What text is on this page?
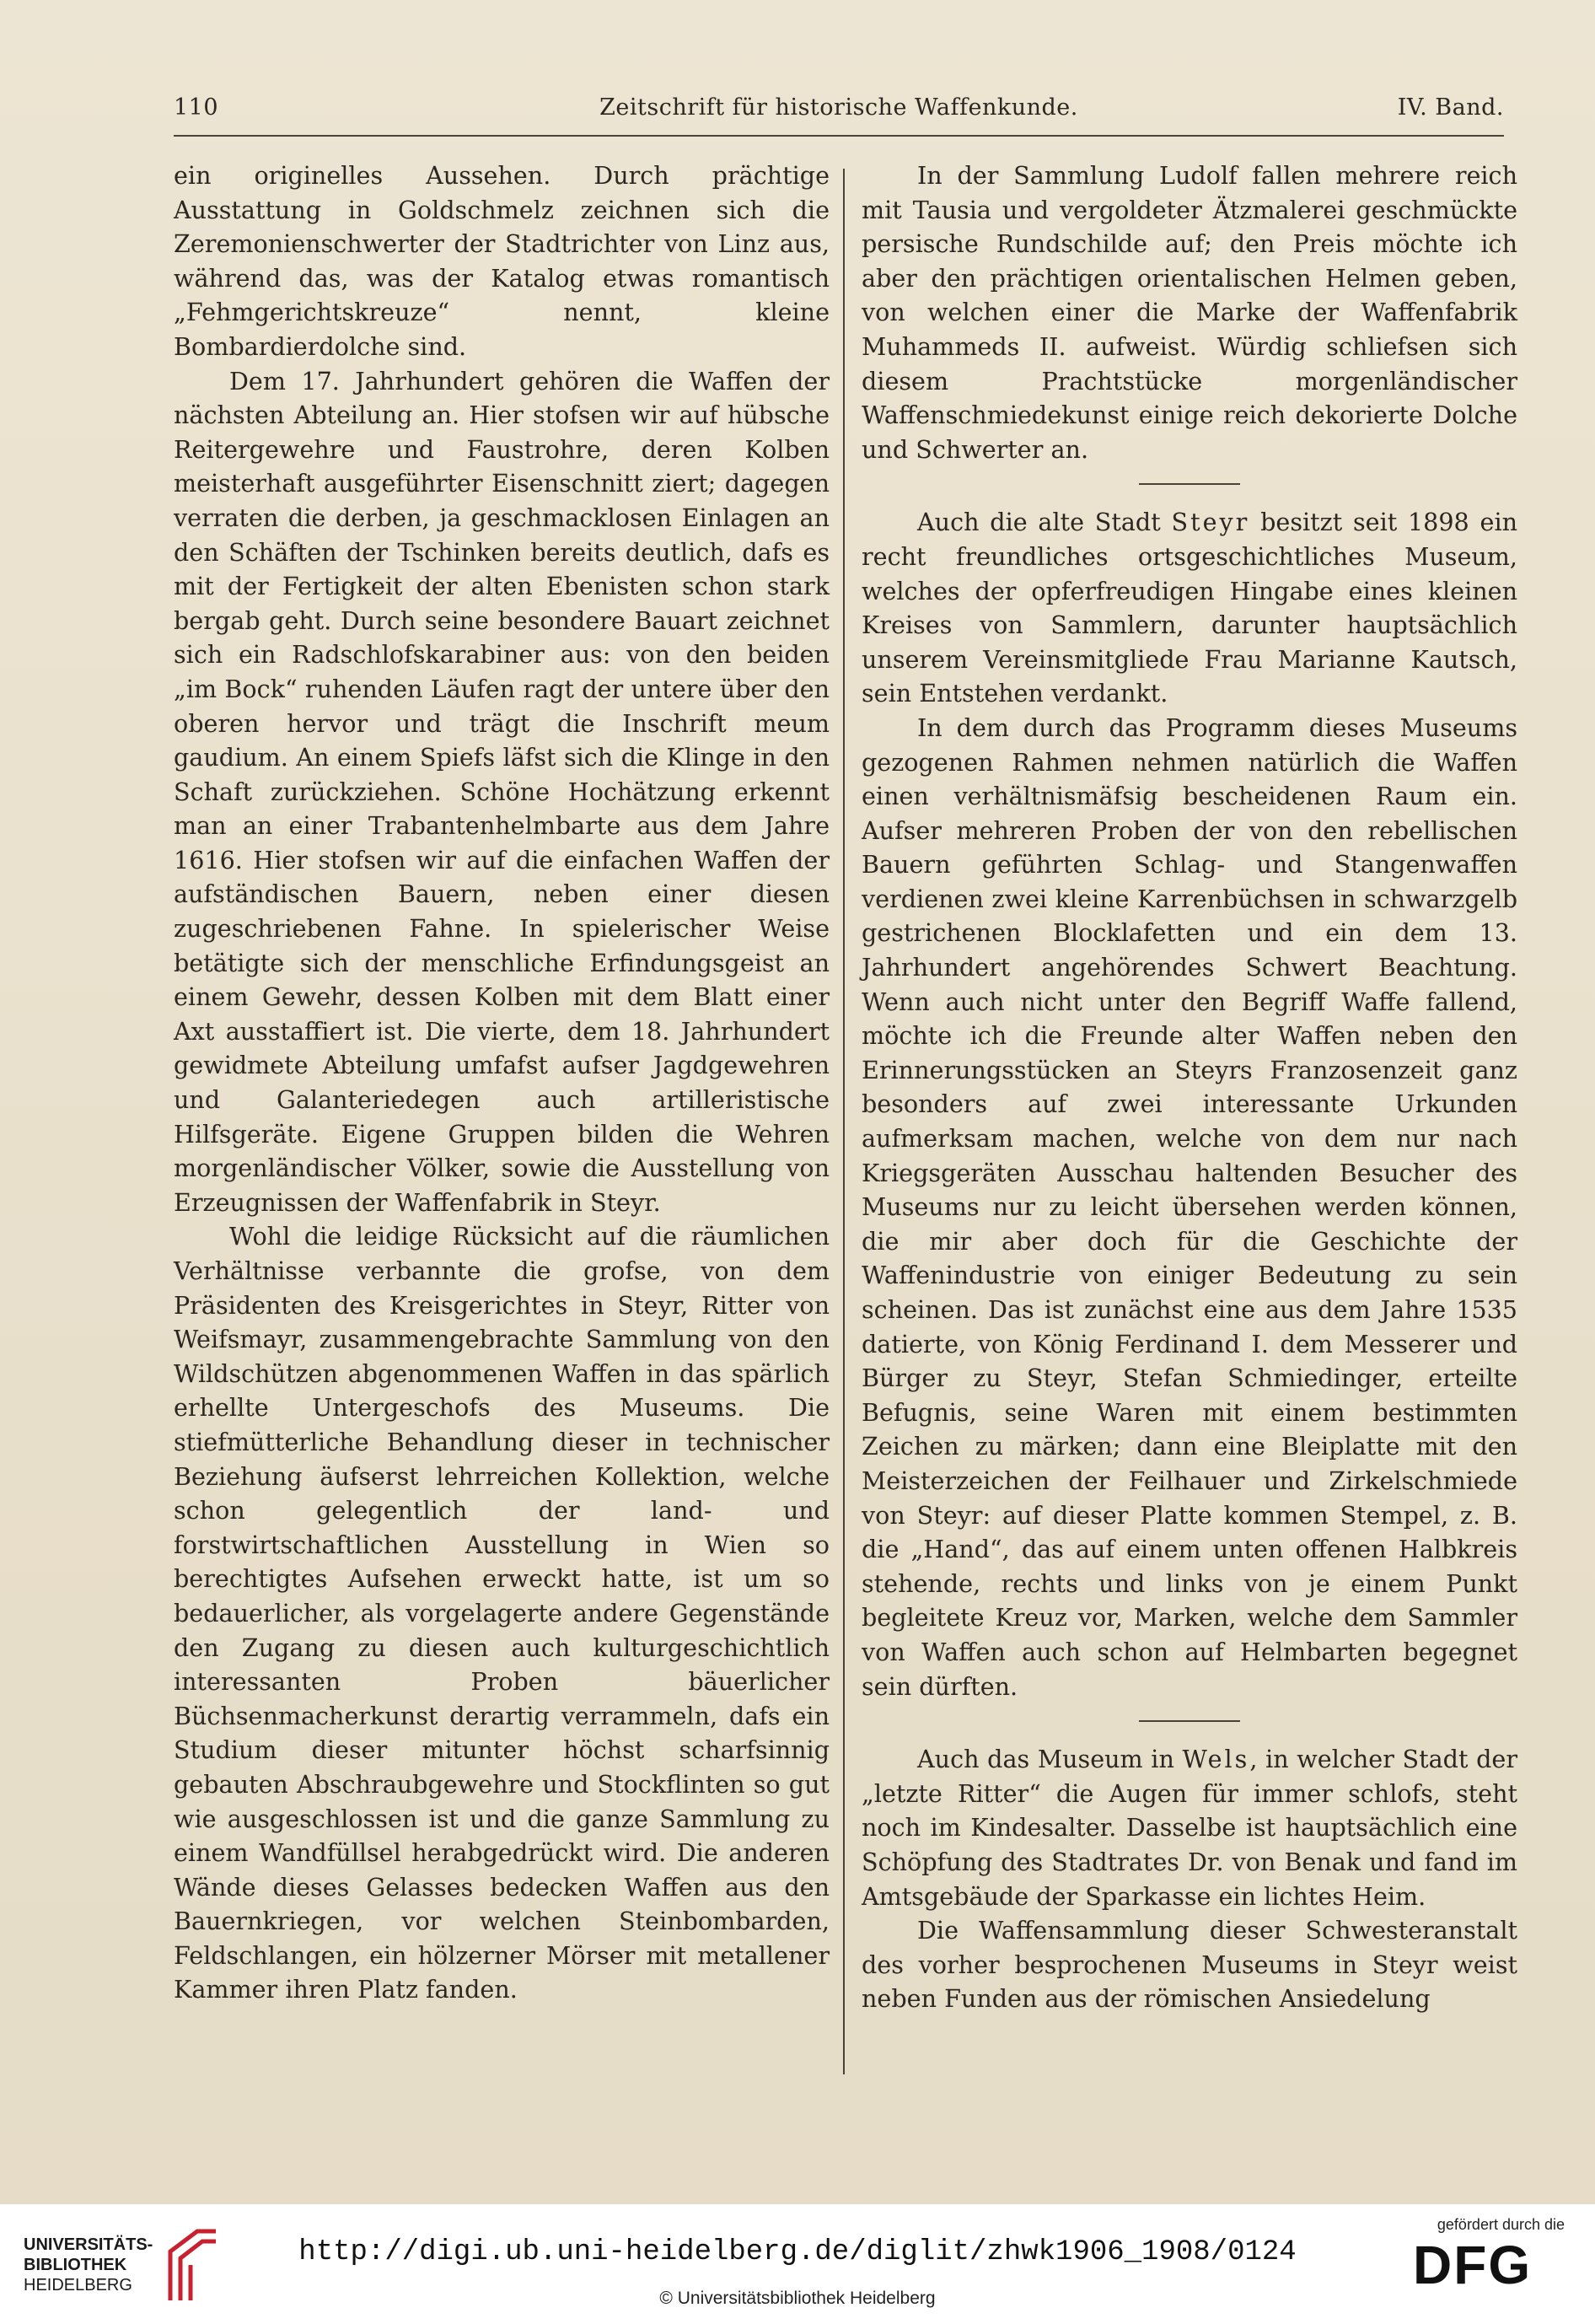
110	Zeitschrift für historische Waffenkunde.	IV. Band.

ein originelles Aussehen. Durch prächtige Ausstattung in Goldschmelz zeichnen sich die Zeremonienschwerter der Stadtrichter von Linz aus, während das, was der Katalog etwas romantisch „Fehmgerichtskreuze“ nennt, kleine Bombardierdolche sind.

Dem 17. Jahrhundert gehören die Waffen der nächsten Abteilung an. Hier stofsen wir auf hübsche Reitergewehre und Faustrohre, deren Kolben meisterhaft ausgeführter Eisenschnitt ziert; dagegen verraten die derben, ja geschmacklosen Einlagen an den Schäften der Tschinken bereits deutlich, dafs es mit der Fertigkeit der alten Ebenisten schon stark bergab geht. Durch seine besondere Bauart zeichnet sich ein Radschlofskarabiner aus: von den beiden „im Bock“ ruhenden Läufen ragt der untere über den oberen hervor und trägt die Inschrift meum gaudium. An einem Spiefs läfst sich die Klinge in den Schaft zurückziehen. Schöne Hochätzung erkennt man an einer Trabantenhelmbarte aus dem Jahre 1616. Hier stofsen wir auf die einfachen Waffen der aufständischen Bauern, neben einer diesen zugeschriebenen Fahne. In spielerischer Weise betätigte sich der menschliche Erfindungsgeist an einem Gewehr, dessen Kolben mit dem Blatt einer Axt ausstaffiert ist. Die vierte, dem 18. Jahrhundert gewidmete Abteilung umfafst aufser Jagdgewehren und Galanteriedegen auch artilleristische Hilfsgeräte. Eigene Gruppen bilden die Wehren morgenländischer Völker, sowie die Ausstellung von Erzeugnissen der Waffenfabrik in Steyr.

Wohl die leidige Rücksicht auf die räumlichen Verhältnisse verbannte die grofse, von dem Präsidenten des Kreisgerichtes in Steyr, Ritter von Weifsmayr, zusammengebrachte Sammlung von den Wildschützen abgenommenen Waffen in das spärlich erhellte Untergeschofs des Museums. Die stiefmütterliche Behandlung dieser in technischer Beziehung äufserst lehrreichen Kollektion, welche schon gelegentlich der land- und forstwirtschaftlichen Ausstellung in Wien so berechtigtes Aufsehen erweckt hatte, ist um so bedauerlicher, als vorgelagerte andere Gegenstände den Zugang zu diesen auch kulturgeschichtlich interessanten Proben bäuerlicher Büchsenmacherkunst derartig verrammeln, dafs ein Studium dieser mitunter höchst scharfsinnig gebauten Abschraubgewehre und Stockflinten so gut wie ausgeschlossen ist und die ganze Sammlung zu einem Wandfüllsel herabgedrückt wird. Die anderen Wände dieses Gelasses bedecken Waffen aus den Bauernkriegen, vor welchen Steinbombarden, Feldschlangen, ein hölzerner Mörser mit metallener Kammer ihren Platz fanden.

In der Sammlung Ludolf fallen mehrere reich mit Tausia und vergoldeter Ätzmalerei geschmückte persische Rundschilde auf; den Preis möchte ich aber den prächtigen orientalischen Helmen geben, von welchen einer die Marke der Waffenfabrik Muhammeds II. aufweist. Würdig schliefsen sich diesem Prachtstücke morgenländischer Waffenschmiedekunst einige reich dekorierte Dolche und Schwerter an.

Auch die alte Stadt Steyr besitzt seit 1898 ein recht freundliches ortsgeschichtliches Museum, welches der opferfreudigen Hingabe eines kleinen Kreises von Sammlern, darunter hauptsächlich unserem Vereinsmitgliede Frau Marianne Kautsch, sein Entstehen verdankt.

In dem durch das Programm dieses Museums gezogenen Rahmen nehmen natürlich die Waffen einen verhältnismäfsig bescheidenen Raum ein. Aufser mehreren Proben der von den rebellischen Bauern geführten Schlag- und Stangenwaffen verdienen zwei kleine Karrenbüchsen in schwarzgelb gestrichenen Blocklafetten und ein dem 13. Jahrhundert angehörendes Schwert Beachtung. Wenn auch nicht unter den Begriff Waffe fallend, möchte ich die Freunde alter Waffen neben den Erinnerungsstücken an Steyrs Franzosenzeit ganz besonders auf zwei interessante Urkunden aufmerksam machen, welche von dem nur nach Kriegsgeräten Ausschau haltenden Besucher des Museums nur zu leicht übersehen werden können, die mir aber doch für die Geschichte der Waffenindustrie von einiger Bedeutung zu sein scheinen. Das ist zunächst eine aus dem Jahre 1535 datierte, von König Ferdinand I. dem Messerer und Bürger zu Steyr, Stefan Schmiedinger, erteilte Befugnis, seine Waren mit einem bestimmten Zeichen zu märken; dann eine Bleiplatte mit den Meisterzeichen der Feilhauer und Zirkelschmiede von Steyr: auf dieser Platte kommen Stempel, z. B. die „Hand“, das auf einem unten offenen Halbkreis stehende, rechts und links von je einem Punkt begleitete Kreuz vor, Marken, welche dem Sammler von Waffen auch schon auf Helmbarten begegnet sein dürften.

Auch das Museum in Wels, in welcher Stadt der „letzte Ritter“ die Augen für immer schlofs, steht noch im Kindesalter. Dasselbe ist hauptsächlich eine Schöpfung des Stadtrates Dr. von Benak und fand im Amtsgebäude der Sparkasse ein lichtes Heim.

Die Waffensammlung dieser Schwesteranstalt des vorher besprochenen Museums in Steyr weist neben Funden aus der römischen Ansiedelung

UNIVERSITÄTS-
BIBLIOTHEK
HEIDELBERG
http://digi.ub.uni-heidelberg.de/diglit/zhwk1906_1908/0124
© Universitätsbibliothek Heidelberg
gefördert durch die
DFG
